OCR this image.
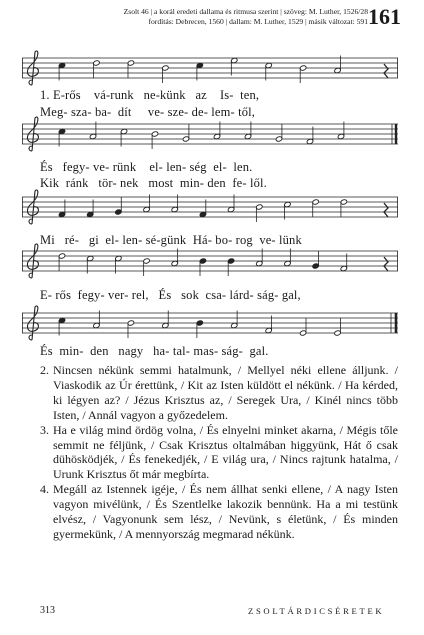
Zsolt 46 | a korál eredeti dallama és ritmusa szerint | szöveg: M. Luther, 1526/28
fordítás: Debrecen, 1560 | dallam: M. Luther, 1529 | másik változat: 591 161
1. E-rős    vá-runk   ne-künk   az    Is-  ten,
Meg- sza- ba-  dít     ve- sze- de- lem- től,
És   fegy- ve- rünk    el- len- ség  el-  len.
Kik  ránk   tör- nek   most  min- den  fe- lől.
Mi   ré-   gi  el- len- sé-günk  Há- bo- rog  ve- lünk
E- rős  fegy- ver- rel,   És   sok  csa- lárd- ság- gal,
És  min-  den   nagy   ha- tal- mas- ság-  gal.

2. Nincsen nékünk semmi hatalmunk, / Mellyel néki ellene álljunk. / Viaskodik az Úr érettünk, / Kit az Isten küldött el nékünk. / Ha kérded, ki légyen az? / Jézus Krisztus az, / Seregek Ura, / Kinél nincs több Isten, / Annál vagyon a győzedelem.

3. Ha e világ mind ördög volna, / És elnyelni minket akarna, / Mégis tőle semmit ne féljünk, / Csak Krisztus oltalmában higgyünk, Hát ő csak dühösködjék, / És fenekedjék, / E világ ura, / Nincs rajtunk hatalma, / Urunk Krisztus őt már megbírta.

4. Megáll az Istennek igéje, / És nem állhat senki ellene, / A nagy Isten vagyon mivélünk, / És Szentlelke lakozik bennünk. Ha a mi testünk elvész, / Vagyonunk sem lész, / Nevünk, s életünk, / És minden gyermekünk, / A mennyország megmarad nékünk.

313	ZSOLTÁRDICSÉRETEK
